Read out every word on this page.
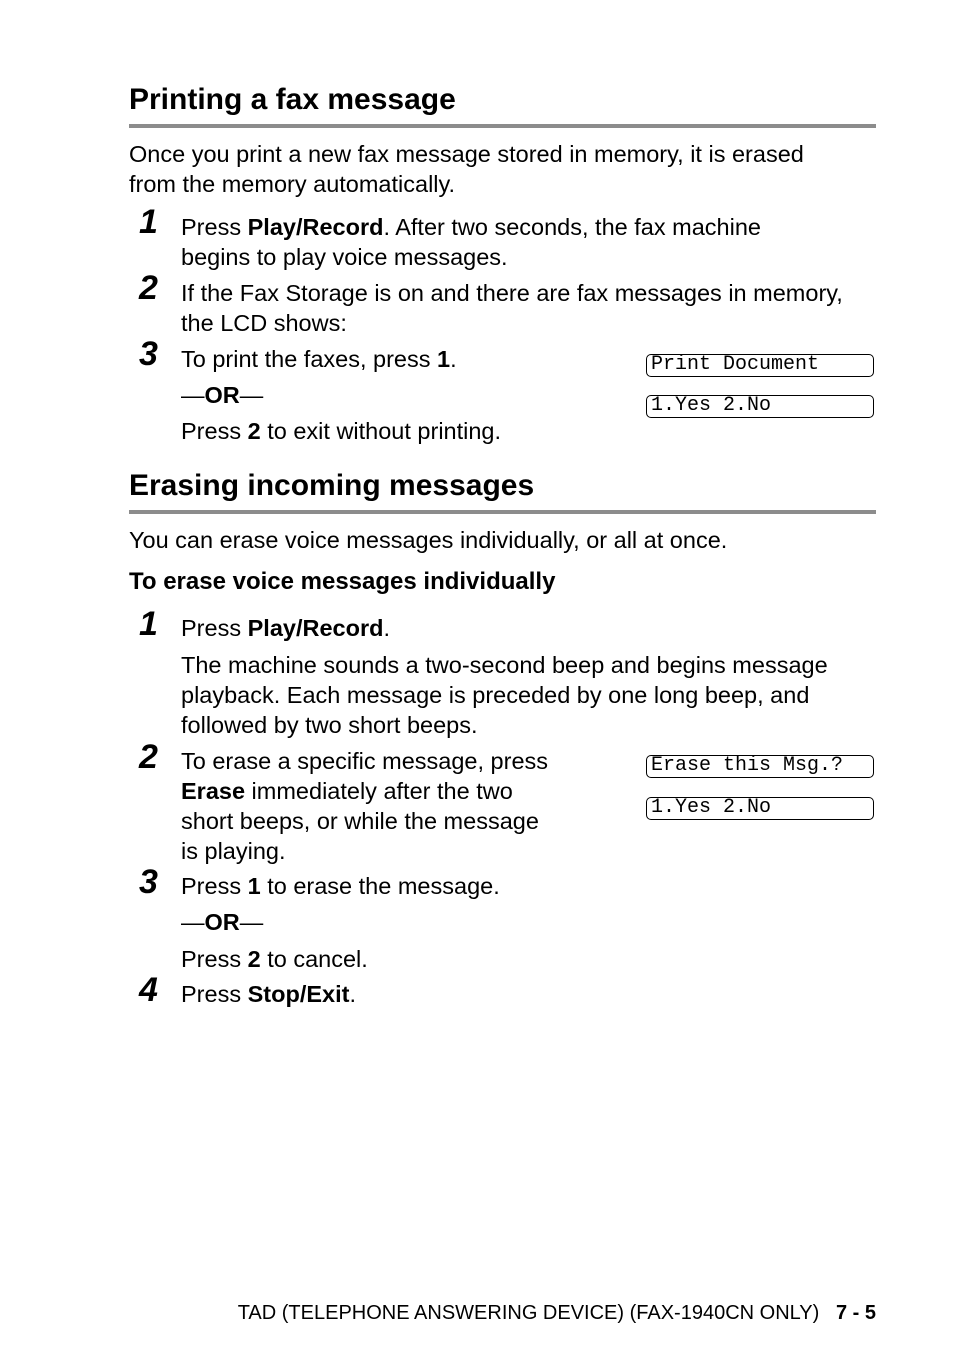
Printing a fax message
Once you print a new fax message stored in memory, it is erased
from the memory automatically.
1 Press Play/Record. After two seconds, the fax machine
begins to play voice messages.
2 If the Fax Storage is on and there are fax messages in memory,
the LCD shows:
3 To print the faxes, press 1.
—OR—
Press 2 to exit without printing.
Print Document
1.Yes 2.No
Erasing incoming messages
You can erase voice messages individually, or all at once.
To erase voice messages individually
1 Press Play/Record.
The machine sounds a two-second beep and begins message
playback. Each message is preceded by one long beep, and
followed by two short beeps.
2 To erase a specific message, press
Erase immediately after the two
short beeps, or while the message
is playing.
Erase this Msg.?
1.Yes 2.No
3 Press 1 to erase the message.
—OR—
Press 2 to cancel.
4 Press Stop/Exit.
TAD (TELEPHONE ANSWERING DEVICE) (FAX-1940CN ONLY) 7 - 5
